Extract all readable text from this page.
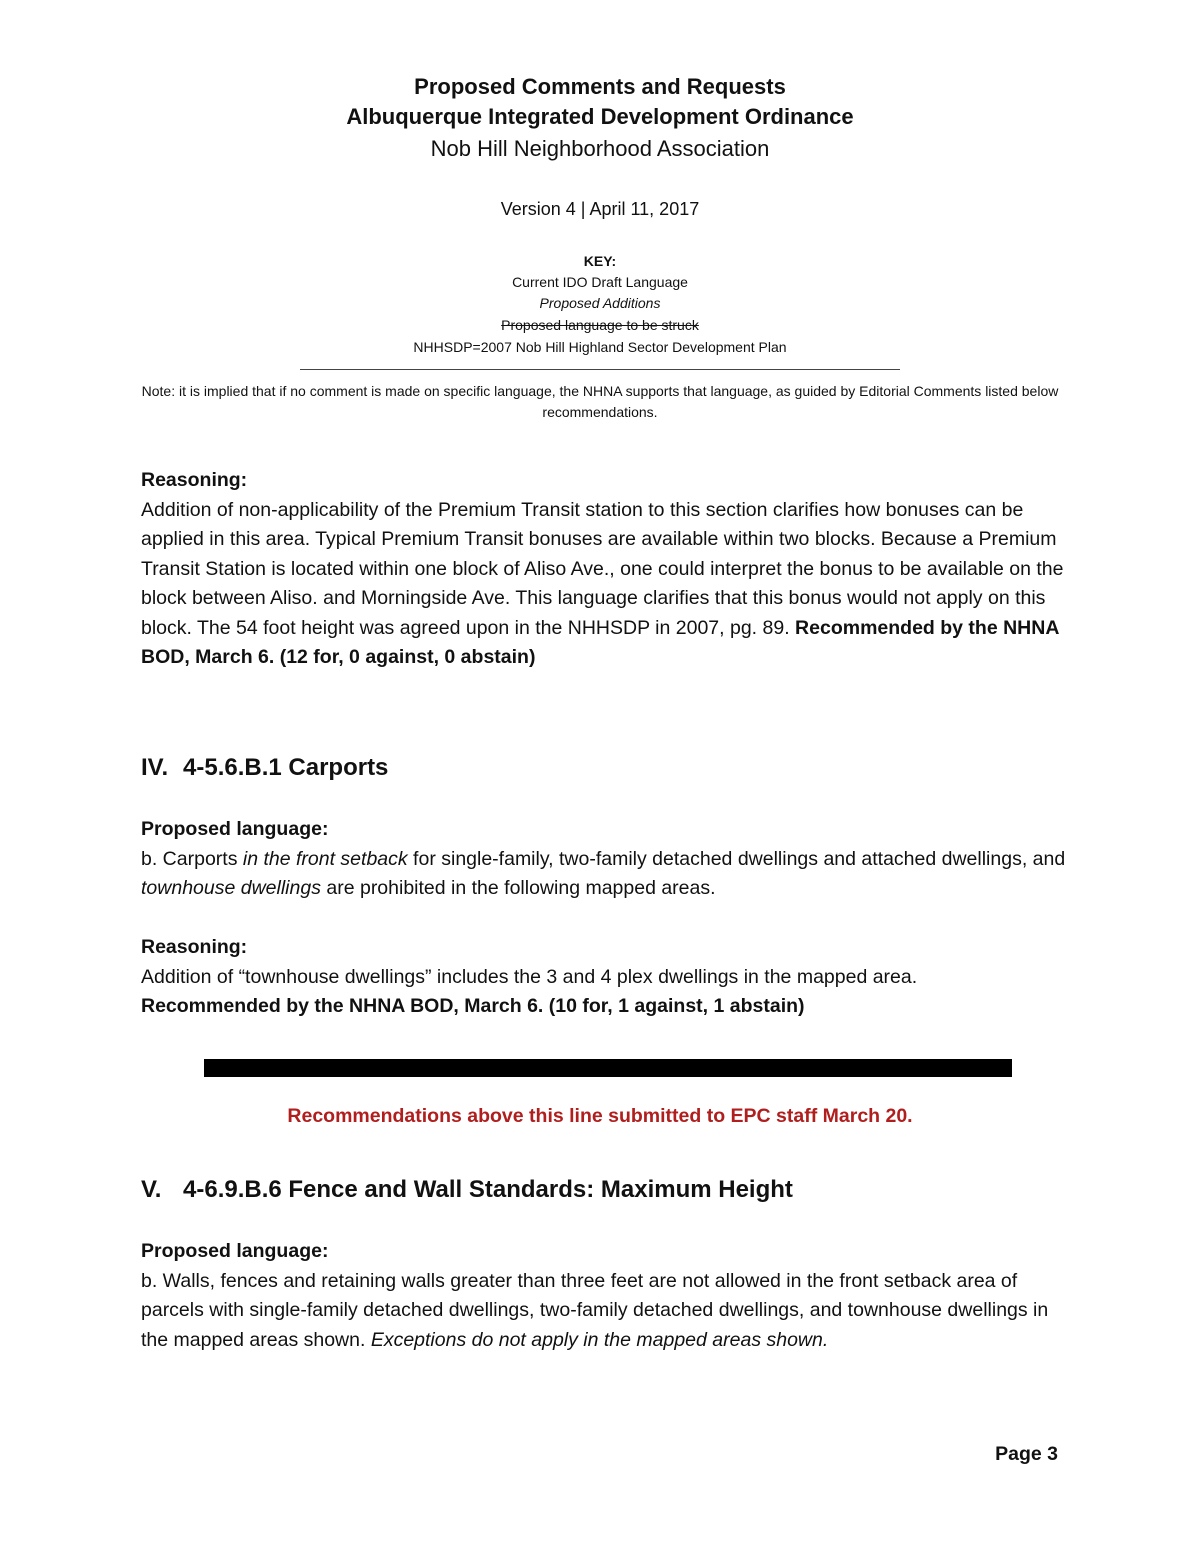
Proposed Comments and Requests
Albuquerque Integrated Development Ordinance
Nob Hill Neighborhood Association
Version 4 | April 11, 2017
KEY:
Current IDO Draft Language
Proposed Additions
Proposed language to be struck
NHHSDP=2007 Nob Hill Highland Sector Development Plan
Note: it is implied that if no comment is made on specific language, the NHNA supports that language, as guided by Editorial Comments listed below recommendations.
Reasoning:
Addition of non-applicability of the Premium Transit station to this section clarifies how bonuses can be applied in this area. Typical Premium Transit bonuses are available within two blocks. Because a Premium Transit Station is located within one block of Aliso Ave., one could interpret the bonus to be available on the block between Aliso. and Morningside Ave. This language clarifies that this bonus would not apply on this block. The 54 foot height was agreed upon in the NHHSDP in 2007, pg. 89. Recommended by the NHNA BOD, March 6. (12 for, 0 against, 0 abstain)
IV. 4-5.6.B.1 Carports
Proposed language:
b. Carports in the front setback for single-family, two-family detached dwellings and attached dwellings, and townhouse dwellings are prohibited in the following mapped areas.
Reasoning:
Addition of “townhouse dwellings” includes the 3 and 4 plex dwellings in the mapped area.
Recommended by the NHNA BOD, March 6. (10 for, 1 against, 1 abstain)
Recommendations above this line submitted to EPC staff March 20.
V. 4-6.9.B.6 Fence and Wall Standards: Maximum Height
Proposed language:
b. Walls, fences and retaining walls greater than three feet are not allowed in the front setback area of parcels with single-family detached dwellings, two-family detached dwellings, and townhouse dwellings in the mapped areas shown. Exceptions do not apply in the mapped areas shown.
Page 3
